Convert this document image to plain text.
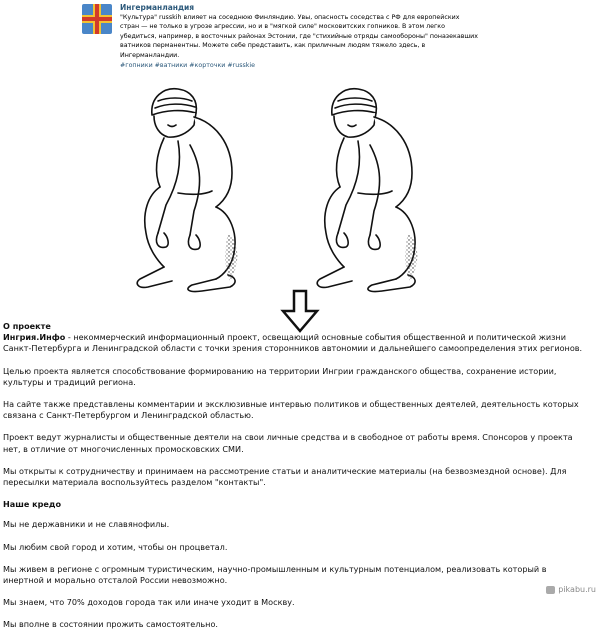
Ингерманландия
"Культура" russkih влияет на соседнюю Финляндию. Увы, опасность соседства с РФ для европейских стран — не только в угрозе агрессии, но и в "мягкой силе" московитских гопников. В этом легко убедиться, например, в восточных районах Эстонии, где "стихийные отряды самообороны" поназекавших ватников перманентны. Можете себе представить, как приличным людям тяжело здесь, в Ингерманландии.
#гопники #ватники #корточки #russkie
О проекте

Ингрия.Инфо - некоммерческий информационный проект, освещающий основные события общественной и политической жизни Санкт-Петербурга и Ленинградской области с точки зрения сторонников автономии и дальнейшего самоопределения этих регионов.

Целью проекта является способствование формированию на территории Ингрии гражданского общества, сохранение истории, культуры и традиций региона.

На сайте также представлены комментарии и эксклюзивные интервью политиков и общественных деятелей, деятельность которых связана с Санкт-Петербургом и Ленинградской областью.

Проект ведут журналисты и общественные деятели на свои личные средства и в свободное от работы время. Спонсоров у проекта нет, в отличие от многочисленных промосковских СМИ.

Мы открыты к сотрудничеству и принимаем на рассмотрение статьи и аналитические материалы (на безвозмездной основе). Для пересылки материала воспользуйтесь разделом "контакты".

Наше кредо

Мы не державники и не славянофилы.

Мы любим свой город и хотим, чтобы он процветал.

Мы живем в регионе с огромным туристическим, научно-промышленным и культурным потенциалом, реализовать который в инертной и морально отсталой России невозможно.

Мы знаем, что 70% доходов города так или иначе уходит в Москву.

Мы вполне в состоянии прожить самостоятельно.

pikabu.ru
